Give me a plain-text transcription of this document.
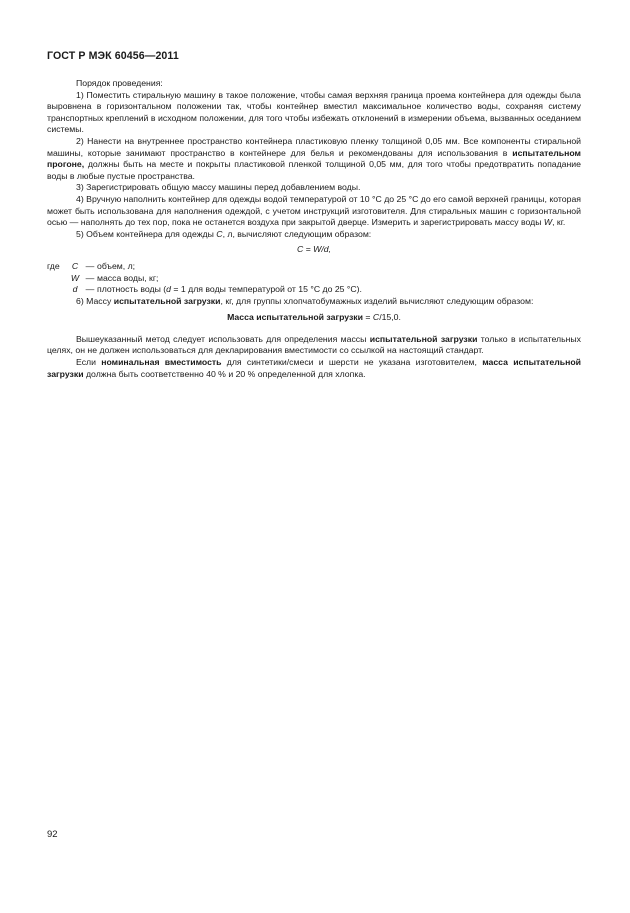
ГОСТ Р МЭК 60456—2011

Порядок проведения:

1) Поместить стиральную машину в такое положение, чтобы самая верхняя граница проема контейнера для одежды была выровнена в горизонтальном положении так, чтобы контейнер вместил максимальное количество воды, сохраняя систему транспортных креплений в исходном положении, для того чтобы избежать отклонений в измерении объема, вызванных оседанием системы.

2) Нанести на внутреннее пространство контейнера пластиковую пленку толщиной 0,05 мм. Все компоненты стиральной машины, которые занимают пространство в контейнере для белья и рекомендованы для использования в испытательном прогоне, должны быть на месте и покрыты пластиковой пленкой толщиной 0,05 мм, для того чтобы предотвратить попадание воды в любые пустые пространства.

3) Зарегистрировать общую массу машины перед добавлением воды.

4) Вручную наполнить контейнер для одежды водой температурой от 10 °С до 25 °С до его самой верхней границы, которая может быть использована для наполнения одеждой, с учетом инструкций изготовителя. Для стиральных машин с горизонтальной осью — наполнять до тех пор, пока не останется воздуха при закрытой дверце. Измерить и зарегистрировать массу воды W, кг.

5) Объем контейнера для одежды С, л, вычисляют следующим образом:

С = W/d,

где	С — объем, л;
W — масса воды, кг;
d — плотность воды (d = 1 для воды температурой от 15 °С до 25 °С).

6) Массу испытательной загрузки, кг, для группы хлопчатобумажных изделий вычисляют следующим образом:

Масса испытательной загрузки = С/15,0.

Вышеуказанный метод следует использовать для определения массы испытательной загрузки только в испытательных целях, он не должен использоваться для декларирования вместимости со ссылкой на настоящий стандарт.

Если номинальная вместимость для синтетики/смеси и шерсти не указана изготовителем, масса испытательной загрузки должна быть соответственно 40 % и 20 % определенной для хлопка.

92
